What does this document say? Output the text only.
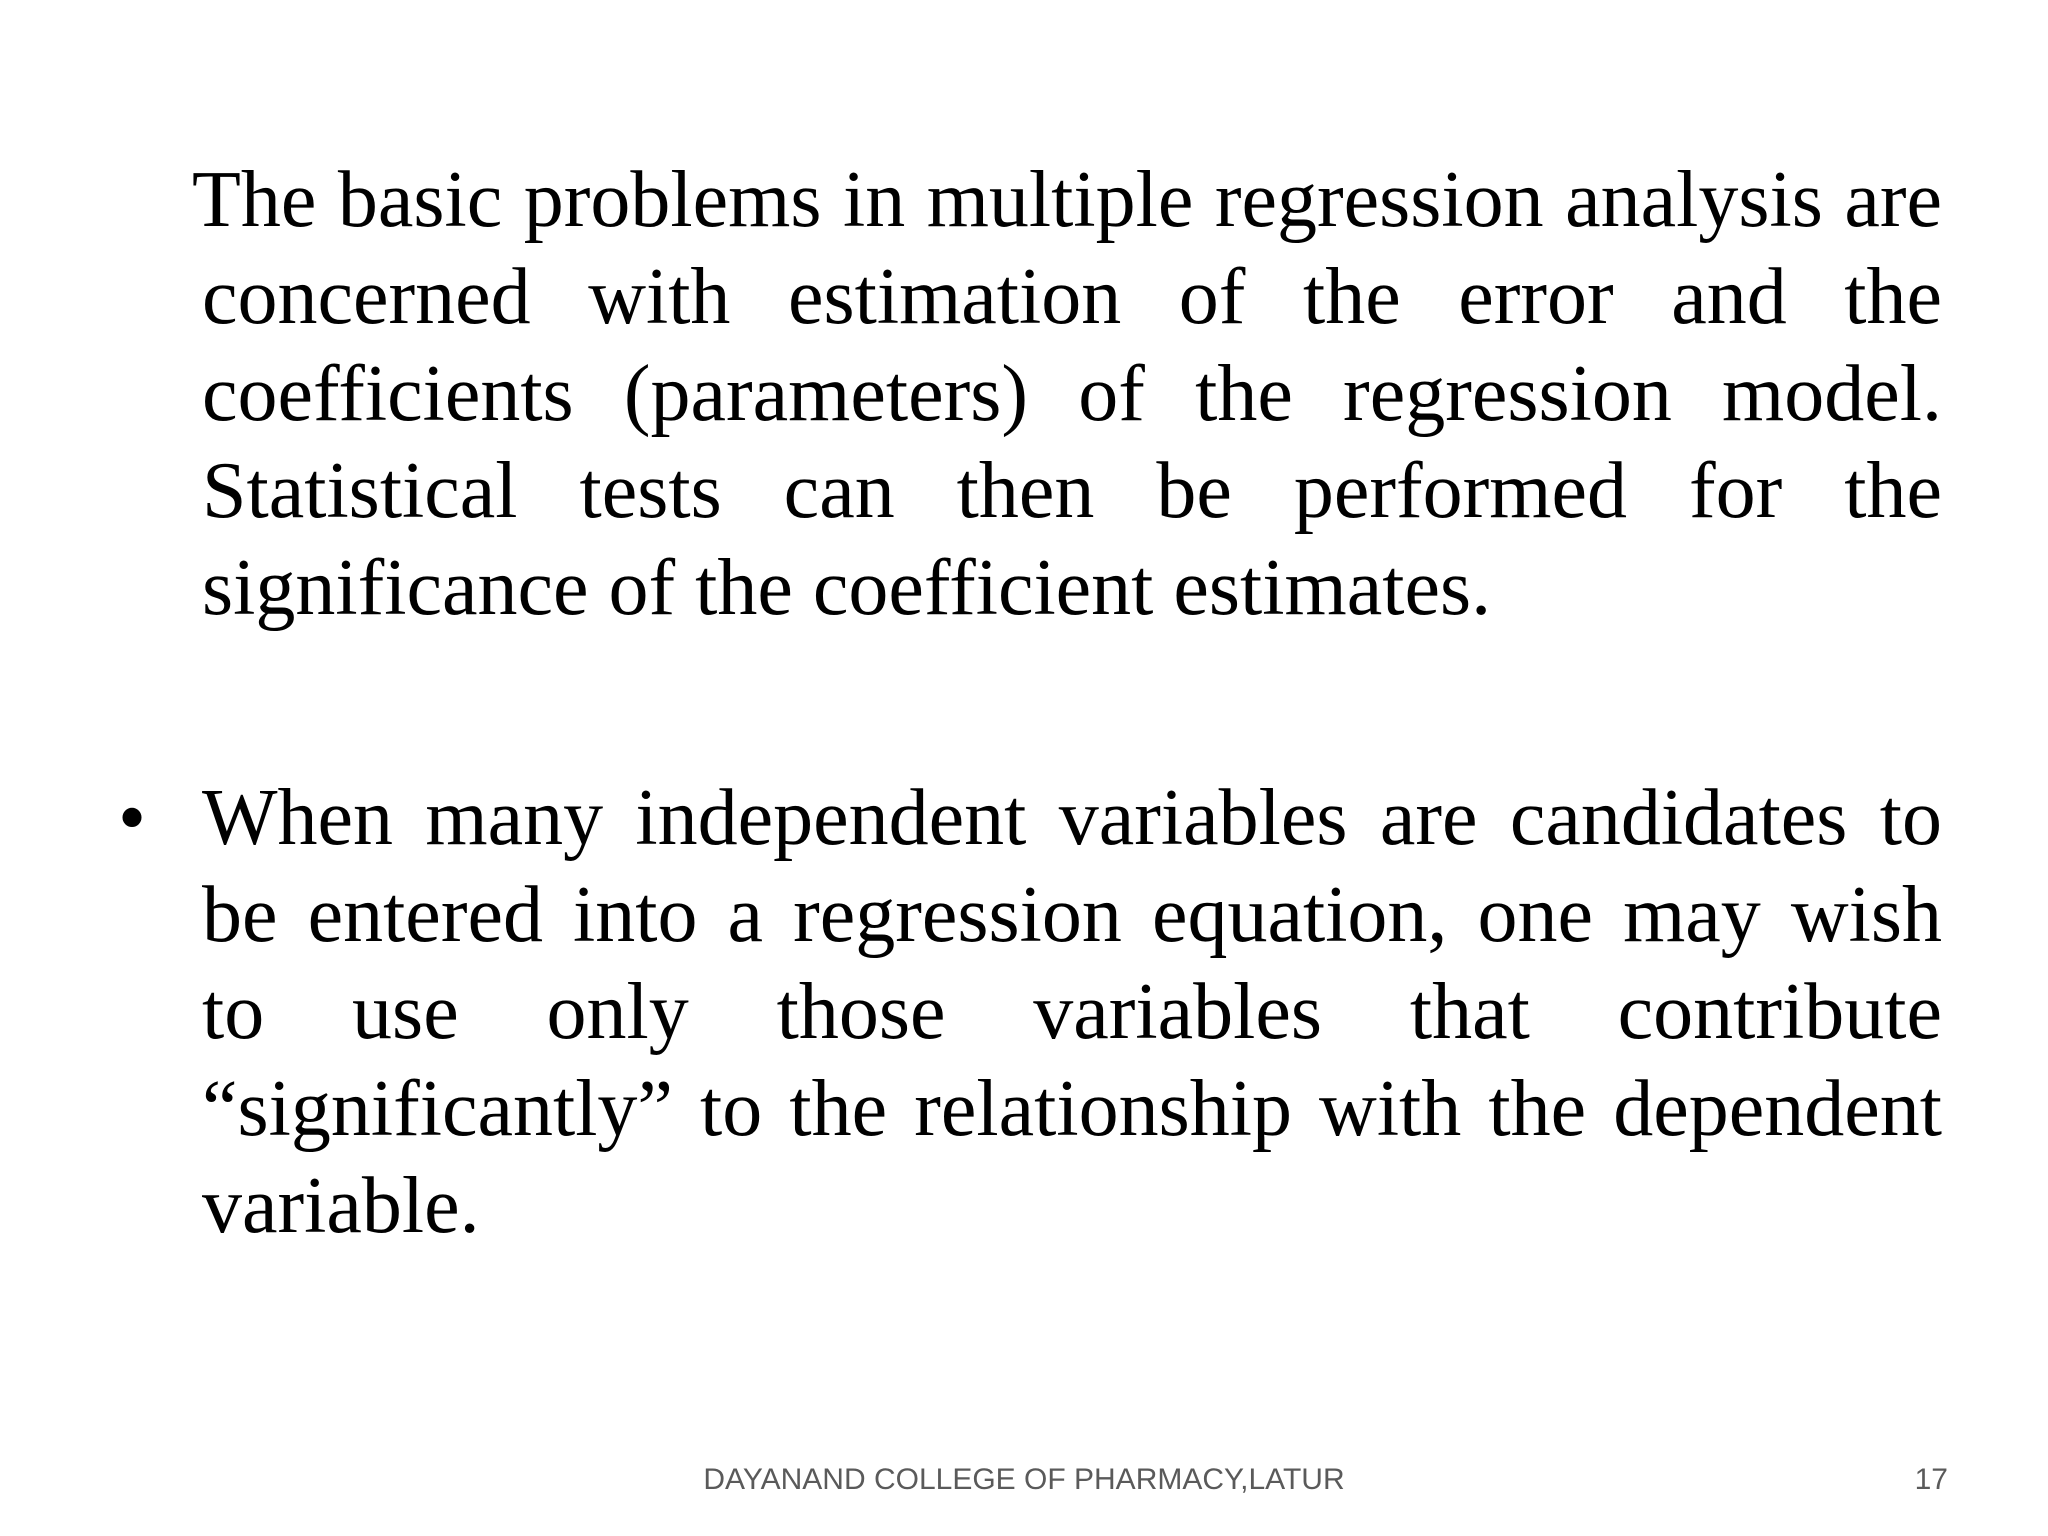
The basic problems in multiple regression analysis are concerned with estimation of the error and the coefficients (parameters) of the regression model. Statistical tests can then be performed for the significance of the coefficient estimates.

• When many independent variables are candidates to be entered into a regression equation, one may wish to use only those variables that contribute “significantly” to the relationship with the dependent variable.

DAYANAND COLLEGE OF PHARMACY,LATUR	17
